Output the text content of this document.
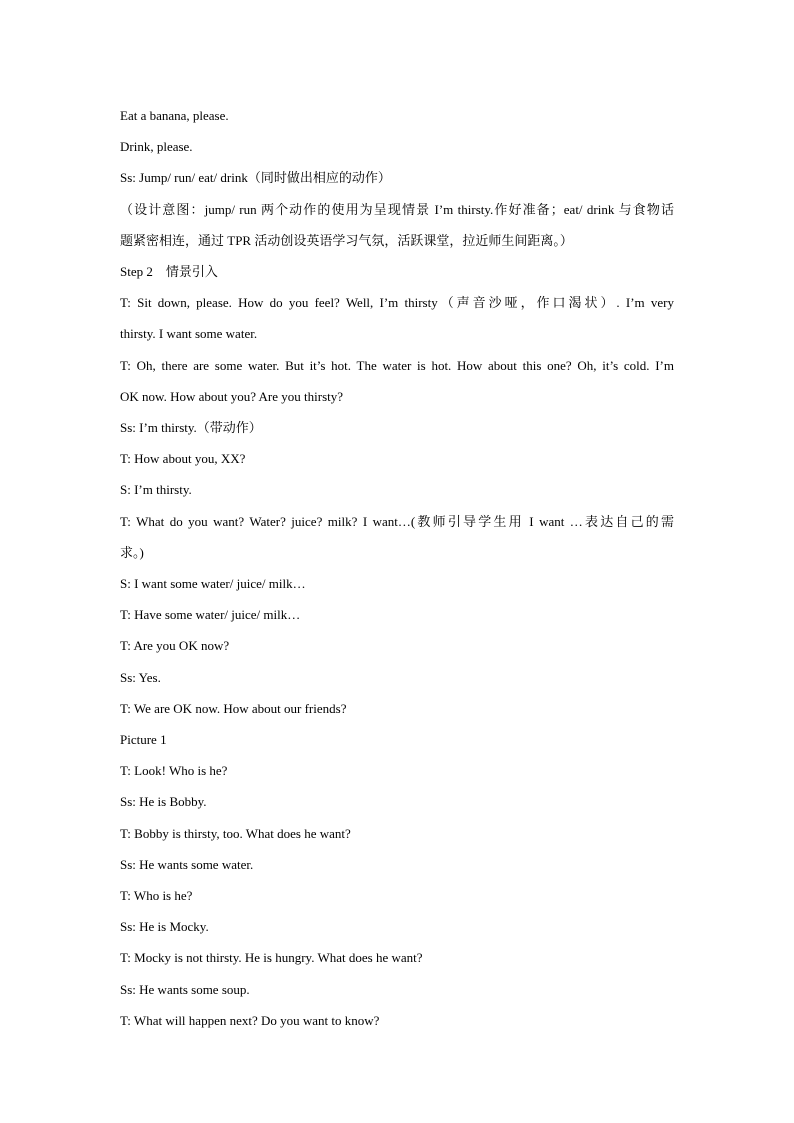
Eat a banana, please.
Drink, please.
Ss: Jump/ run/ eat/ drink（同时做出相应的动作）
（设计意图：jump/ run 两个动作的使用为呈现情景 I’m thirsty.作好准备；eat/ drink 与食物话
题紧密相连，通过 TPR 活动创设英语学习气氛，活跃课堂，拉近师生间距离。）
Step 2　情景引入
T: Sit down, please. How do you feel? Well, I’m thirsty（声音沙哑，作口渴状）. I’m very
thirsty. I want some water.
T: Oh, there are some water. But it’s hot. The water is hot. How about this one? Oh, it’s cold. I’m
OK now. How about you? Are you thirsty?
Ss: I’m thirsty.（带动作）
T: How about you, XX?
S: I’m thirsty.
T: What do you want? Water? juice? milk? I want…(教师引导学生用 I want …表达自己的需
求。)
S: I want some water/ juice/ milk…
T: Have some water/ juice/ milk…
T: Are you OK now?
Ss: Yes.
T: We are OK now. How about our friends?
Picture 1
T: Look! Who is he?
Ss: He is Bobby.
T: Bobby is thirsty, too. What does he want?
Ss: He wants some water.
T: Who is he?
Ss: He is Mocky.
T: Mocky is not thirsty. He is hungry. What does he want?
Ss: He wants some soup.
T: What will happen next? Do you want to know?
